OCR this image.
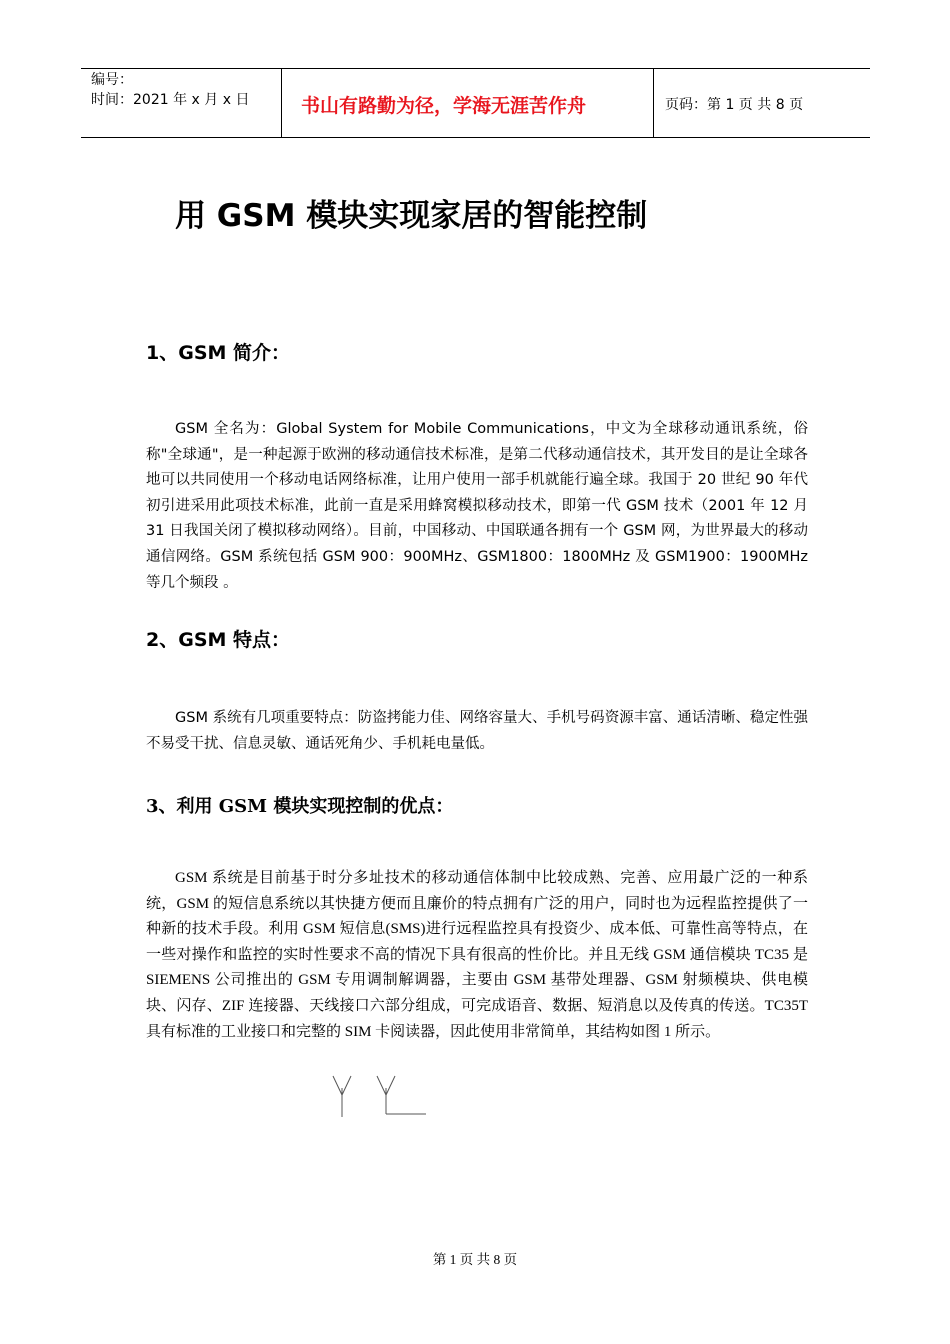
编号：
时间：2021 年 x 月 x 日	书山有路勤为径，学海无涯苦作舟	页码：第 1 页 共 8 页
用 GSM 模块实现家居的智能控制
1、GSM 简介：
GSM 全名为：Global System for Mobile Communications，中文为全球移动通讯系统，俗称"全球通"，是一种起源于欧洲的移动通信技术标准，是第二代移动通信技术，其开发目的是让全球各地可以共同使用一个移动电话网络标准，让用户使用一部手机就能行遍全球。我国于 20 世纪 90 年代初引进采用此项技术标准，此前一直是采用蜂窝模拟移动技术，即第一代 GSM 技术（2001 年 12 月 31 日我国关闭了模拟移动网络）。目前，中国移动、中国联通各拥有一个 GSM 网，为世界最大的移动通信网络。GSM 系统包括 GSM 900：900MHz、GSM1800：1800MHz 及 GSM1900：1900MHz 等几个频段 。
2、GSM 特点：
GSM 系统有几项重要特点：防盗拷能力佳、网络容量大、手机号码资源丰富、通话清晰、稳定性强不易受干扰、信息灵敏、通话死角少、手机耗电量低。
3、利用 GSM 模块实现控制的优点：
GSM 系统是目前基于时分多址技术的移动通信体制中比较成熟、完善、应用最广泛的一种系统，GSM 的短信息系统以其快捷方便而且廉价的特点拥有广泛的用户，同时也为远程监控提供了一种新的技术手段。利用 GSM 短信息(SMS)进行远程监控具有投资少、成本低、可靠性高等特点，在一些对操作和监控的实时性要求不高的情况下具有很高的性价比。并且无线 GSM 通信模块 TC35 是 SIEMENS 公司推出的 GSM 专用调制解调器，主要由 GSM 基带处理器、GSM 射频模块、供电模块、闪存、ZIF 连接器、天线接口六部分组成，可完成语音、数据、短消息以及传真的传送。TC35T 具有标准的工业接口和完整的 SIM 卡阅读器，因此使用非常简单，其结构如图 1 所示。
第 1 页 共 8 页
